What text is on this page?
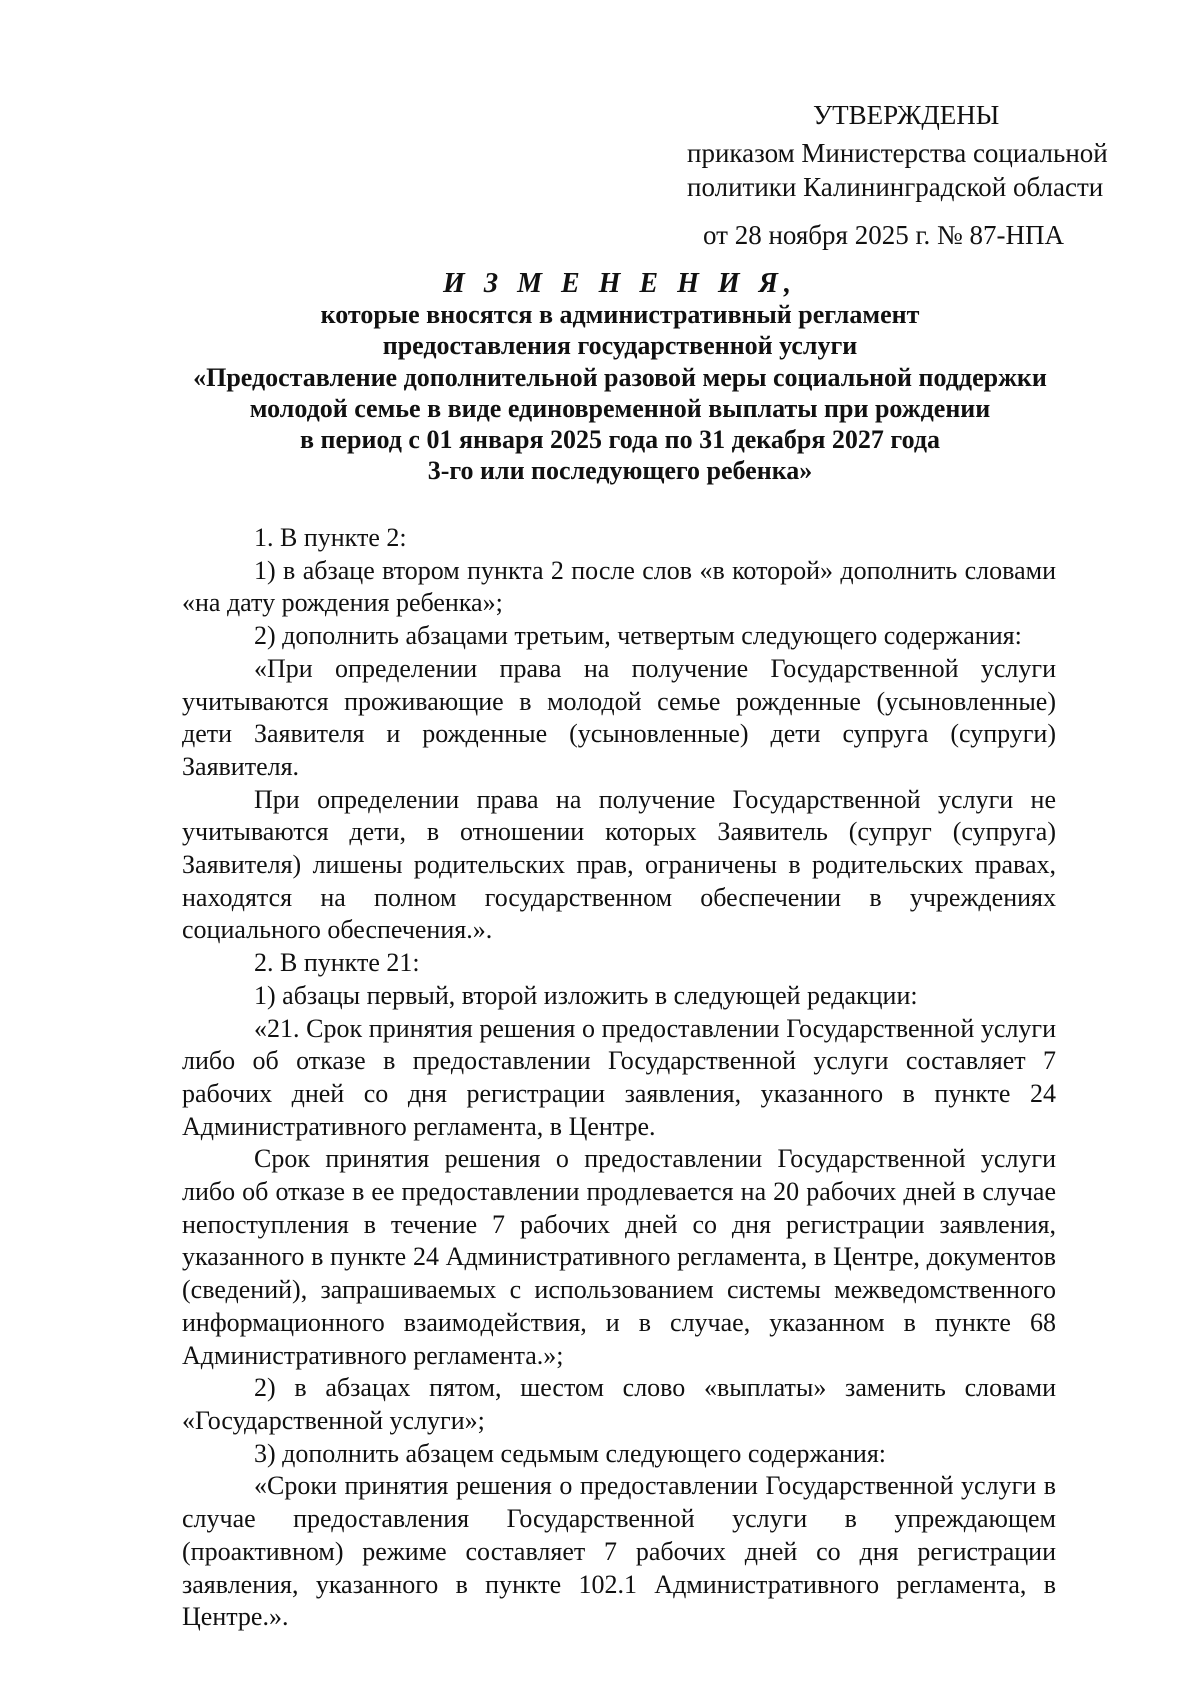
УТВЕРЖДЕНЫ
приказом Министерства социальной
политики Калининградской области
от 28 ноября 2025 г. № 87-НПА
И З М Е Н Е Н И Я,
которые вносятся в административный регламент
предоставления государственной услуги
«Предоставление дополнительной разовой меры социальной поддержки
молодой семье в виде единовременной выплаты при рождении
в период с 01 января 2025 года по 31 декабря 2027 года
3-го или последующего ребенка»

1. В пункте 2:

1) в абзаце втором пункта 2 после слов «в которой» дополнить словами «на дату рождения ребенка»;

2) дополнить абзацами третьим, четвертым следующего содержания:

«При определении права на получение Государственной услуги учитываются проживающие в молодой семье рожденные (усыновленные) дети Заявителя и рожденные (усыновленные) дети супруга (супруги) Заявителя.

При определении права на получение Государственной услуги не учитываются дети, в отношении которых Заявитель (супруг (супруга) Заявителя) лишены родительских прав, ограничены в родительских правах, находятся на полном государственном обеспечении в учреждениях социального обеспечения.».

2. В пункте 21:

1) абзацы первый, второй изложить в следующей редакции:

«21. Срок принятия решения о предоставлении Государственной услуги либо об отказе в предоставлении Государственной услуги составляет 7 рабочих дней со дня регистрации заявления, указанного в пункте 24 Административного регламента, в Центре.

Срок принятия решения о предоставлении Государственной услуги либо об отказе в ее предоставлении продлевается на 20 рабочих дней в случае непоступления в течение 7 рабочих дней со дня регистрации заявления, указанного в пункте 24 Административного регламента, в Центре, документов (сведений), запрашиваемых с использованием системы межведомственного информационного взаимодействия, и в случае, указанном в пункте 68 Административного регламента.»;

2) в абзацах пятом, шестом слово «выплаты» заменить словами «Государственной услуги»;

3) дополнить абзацем седьмым следующего содержания:

«Сроки принятия решения о предоставлении Государственной услуги в случае предоставления Государственной услуги в упреждающем (проактивном) режиме составляет 7 рабочих дней со дня регистрации заявления, указанного в пункте 102.1 Административного регламента, в Центре.».
